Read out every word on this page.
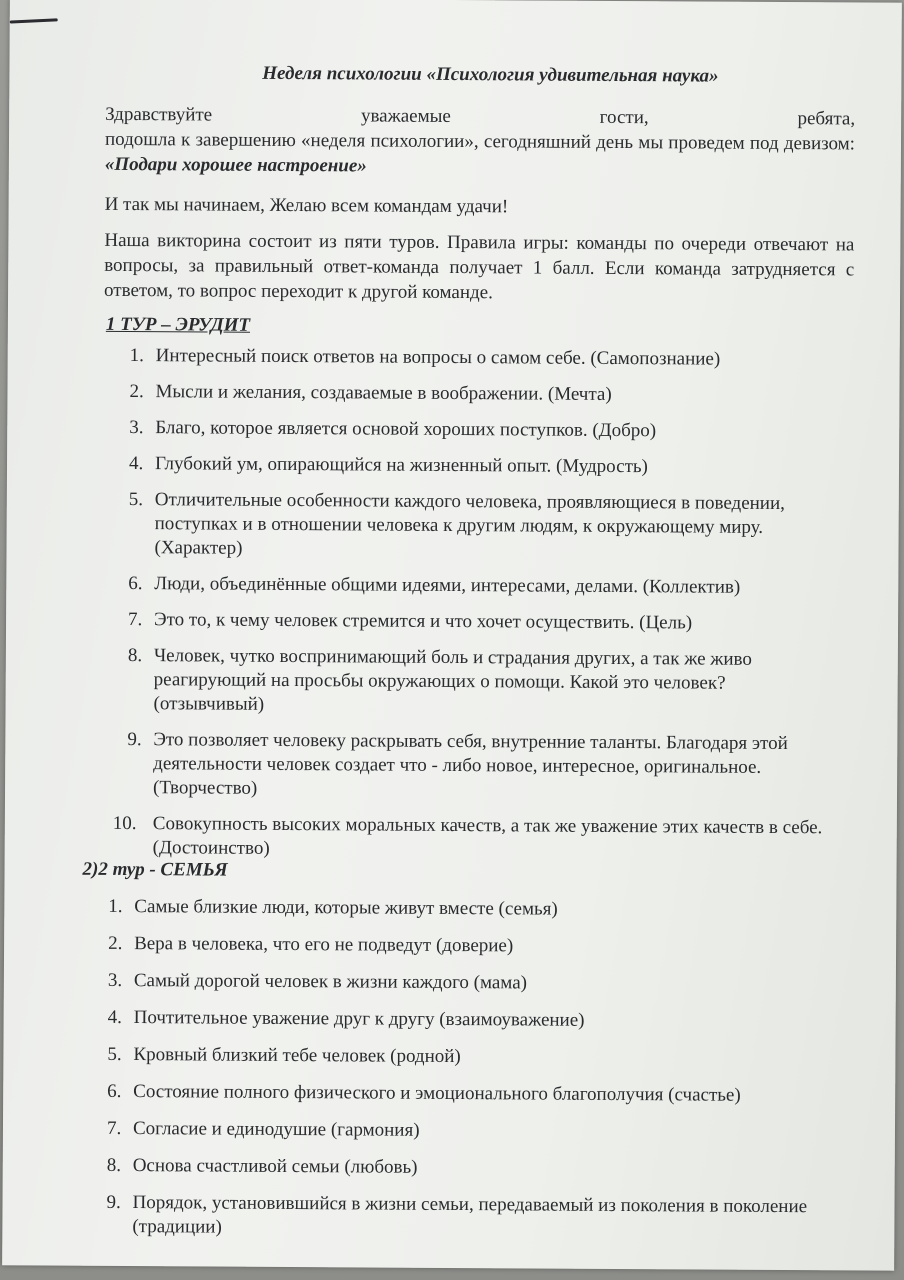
Неделя психологии «Психология удивительная наука»
Здравствуйте	уважаемые	гости,	ребята,
подошла к завершению «неделя психологии», сегодняшний день мы проведем под девизом: «Подари хорошее настроение»
И так мы начинаем, Желаю всем командам удачи!
Наша викторина состоит из пяти туров. Правила игры: команды по очереди отвечают на вопросы, за правильный ответ-команда получает 1 балл. Если команда затрудняется с ответом, то вопрос переходит к другой команде.
1 ТУР – ЭРУДИТ
1. Интересный поиск ответов на вопросы о самом себе. (Самопознание)
2. Мысли и желания, создаваемые в воображении. (Мечта)
3. Благо, которое является основой хороших поступков. (Добро)
4. Глубокий ум, опирающийся на жизненный опыт. (Мудрость)
5. Отличительные особенности каждого человека, проявляющиеся в поведении, поступках и в отношении человека к другим людям, к окружающему миру. (Характер)
6. Люди, объединённые общими идеями, интересами, делами. (Коллектив)
7. Это то, к чему человек стремится и что хочет осуществить. (Цель)
8. Человек, чутко воспринимающий боль и страдания других, а так же живо реагирующий на просьбы окружающих о помощи. Какой это человек? (отзывчивый)
9. Это позволяет человеку раскрывать себя, внутренние таланты. Благодаря этой деятельности человек создает что - либо новое, интересное, оригинальное. (Творчество)
10. Совокупность высоких моральных качеств, а так же уважение этих качеств в себе. (Достоинство)
2)2 тур - СЕМЬЯ
1. Самые близкие люди, которые живут вместе (семья)
2. Вера в человека, что его не подведут (доверие)
3. Самый дорогой человек в жизни каждого (мама)
4. Почтительное уважение друг к другу (взаимоуважение)
5. Кровный близкий тебе человек (родной)
6. Состояние полного физического и эмоционального благополучия (счастье)
7. Согласие и единодушие (гармония)
8. Основа счастливой семьи (любовь)
9. Порядок, установившийся в жизни семьи, передаваемый из поколения в поколение (традиции)
